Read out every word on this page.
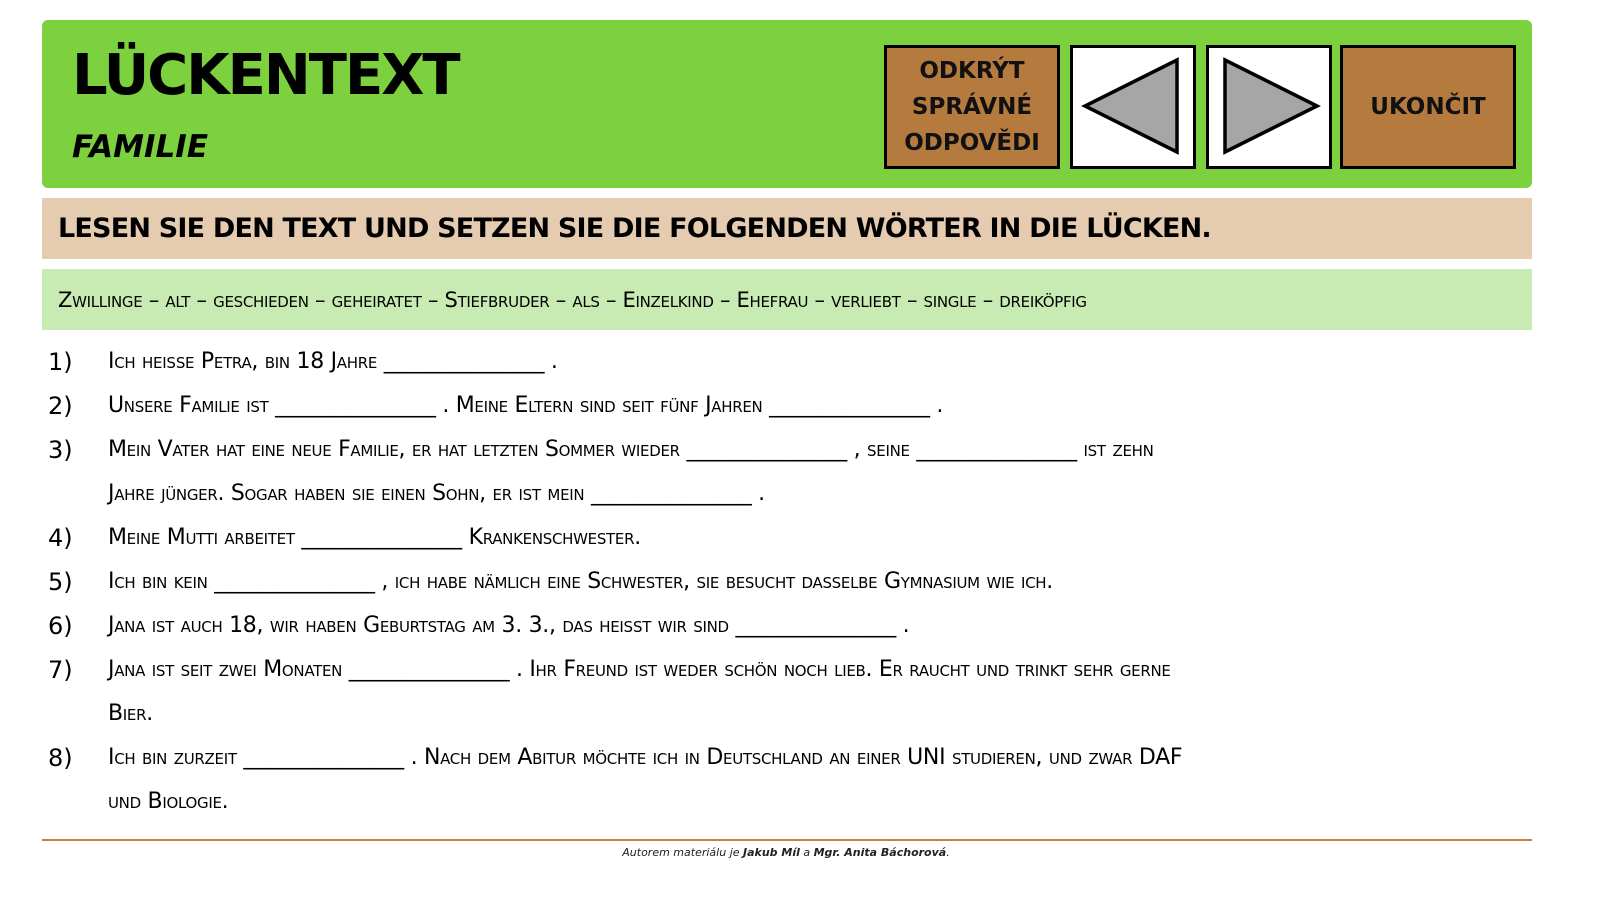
LÜCKENTEXT
FAMILIE
ODKRÝT
SPRÁVNÉ
ODPOVĚDI
UKONČIT
LESEN SIE DEN TEXT UND SETZEN SIE DIE FOLGENDEN WÖRTER IN DIE LÜCKEN.
Zwillinge – alt – geschieden – geheiratet – Stiefbruder – als – Einzelkind – Ehefrau – verliebt – single – dreiköpfig
1) Ich heiße Petra, bin 18 Jahre _______________ .
2) Unsere Familie ist _______________ . Meine Eltern sind seit fünf Jahren _______________ .
3) Mein Vater hat eine neue Familie, er hat letzten Sommer wieder _______________ , seine _______________ ist zehn
Jahre jünger. Sogar haben sie einen Sohn, er ist mein _______________ .
4) Meine Mutti arbeitet _______________ Krankenschwester.
5) Ich bin kein _______________ , ich habe nämlich eine Schwester, sie besucht dasselbe Gymnasium wie ich.
6) Jana ist auch 18, wir haben Geburtstag am 3. 3., das heißt wir sind _______________ .
7) Jana ist seit zwei Monaten _______________ . Ihr Freund ist weder schön noch lieb. Er raucht und trinkt sehr gerne
Bier.
8) Ich bin zurzeit _______________ . Nach dem Abitur möchte ich in Deutschland an einer UNI studieren, und zwar DAF
und Biologie.
Autorem materiálu je Jakub Míl a Mgr. Anita Báchorová.
